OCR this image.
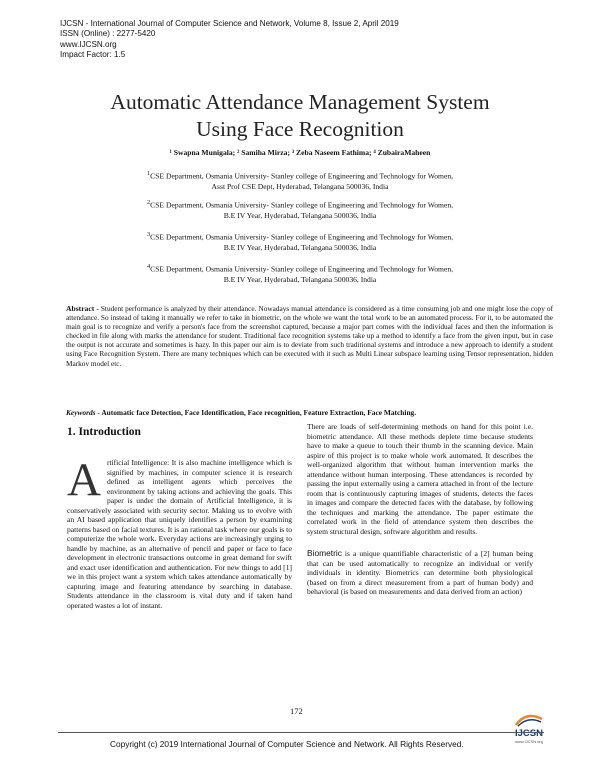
IJCSN - International Journal of Computer Science and Network, Volume 8, Issue 2, April 2019
ISSN (Online) : 2277-5420
www.IJCSN.org
Impact Factor: 1.5
Automatic Attendance Management System
Using Face Recognition
¹ Swapna Munigala; ² Samiha Mirza; ³ Zeba Naseem Fathima; ⁴ ZubairaMaheen
$^1$CSE Department, Osmania University- Stanley college of Engineering and Technology for Women,
Asst Prof CSE Dept, Hyderabad, Telangana 500036, India
$^2$CSE Department, Osmania University- Stanley college of Engineering and Technology for Women,
B.E IV Year, Hyderabad, Telangana 500036, India
$^3$CSE Department, Osmania University- Stanley college of Engineering and Technology for Women,
B.E IV Year, Hyderabad, Telangana 500036, India
$^4$CSE Department, Osmania University- Stanley college of Engineering and Technology for Women,
B.E IV Year, Hyderabad, Telangana 500036, India
Abstract - Student performance is analyzed by their attendance. Nowadays manual attendance is considered as a time consuming job and one might lose the copy of attendance. So instead of taking it manually we refer to take in biometric, on the whole we want the total work to be an automated process. For it, to be automated the main goal is to recognize and verify a person's face from the screenshot captured, because a major part comes with the individual faces and then the information is checked in file along with marks the attendance for student. Traditional face recognition systems take up a method to identify a face from the given input, but in case the output is not accurate and sometimes is hazy. In this paper our aim is to deviate from such traditional systems and introduce a new approach to identify a student using Face Recognition System. There are many techniques which can be executed with it such as Multi Linear subspace learning using Tensor representation, hidden Markov model etc.
Keywords - Automatic face Detection, Face Identification, Face recognition, Feature Extraction, Face Matching.
1. Introduction

Artificial Intelligence: It is also machine intelligence which is signified by machines, in computer science it is research defined as intelligent agents which perceives the environment by taking actions and achieving the goals. This paper is under the domain of Artificial Intelligence, it is conservatively associated with security sector. Making us to evolve with an AI based application that uniquely identifies a person by examining patterns based on facial textures. It is an rational task where our goals is to computerize the whole work. Everyday actions are increasingly urging to handle by machine, as an alternative of pencil and paper or face to face development in electronic transactions outcome in great demand for swift and exact user identification and authentication. For new things to add [1] we in this project want a system which takes attendance automatically by capturing image and featuring attendance by searching in database. Students attendance in the classroom is vital duty and if taken hand operated wastes a lot of instant.

There are loads of self-determining methods on hand for this point i.e. biometric attendance. All these methods deplete time because students have to make a queue to touch their thumb in the scanning device. Main aspire of this project is to make whole work automated. It describes the well-organized algorithm that without human intervention marks the attendance without human interposing. These attendances is recorded by passing the input externally using a camera attached in front of the lecture room that is continuously capturing images of students, detects the faces in images and compare the detected faces with the database, by following the techniques and marking the attendance. The paper estimate the correlated work in the field of attendance system then describes the system structural design, software algorithm and results.

Biometric is a unique quantifiable characteristic of a [2] human being that can be used automatically to recognize an individual or verify individuals in identity. Biometrics can determine both physiological (based on from a direct measurement from a part of human body) and behavioral (is based on measurements and data derived from an action)

172
IJCSN
www.IJCSN.org
Copyright (c) 2019 International Journal of Computer Science and Network. All Rights Reserved.
